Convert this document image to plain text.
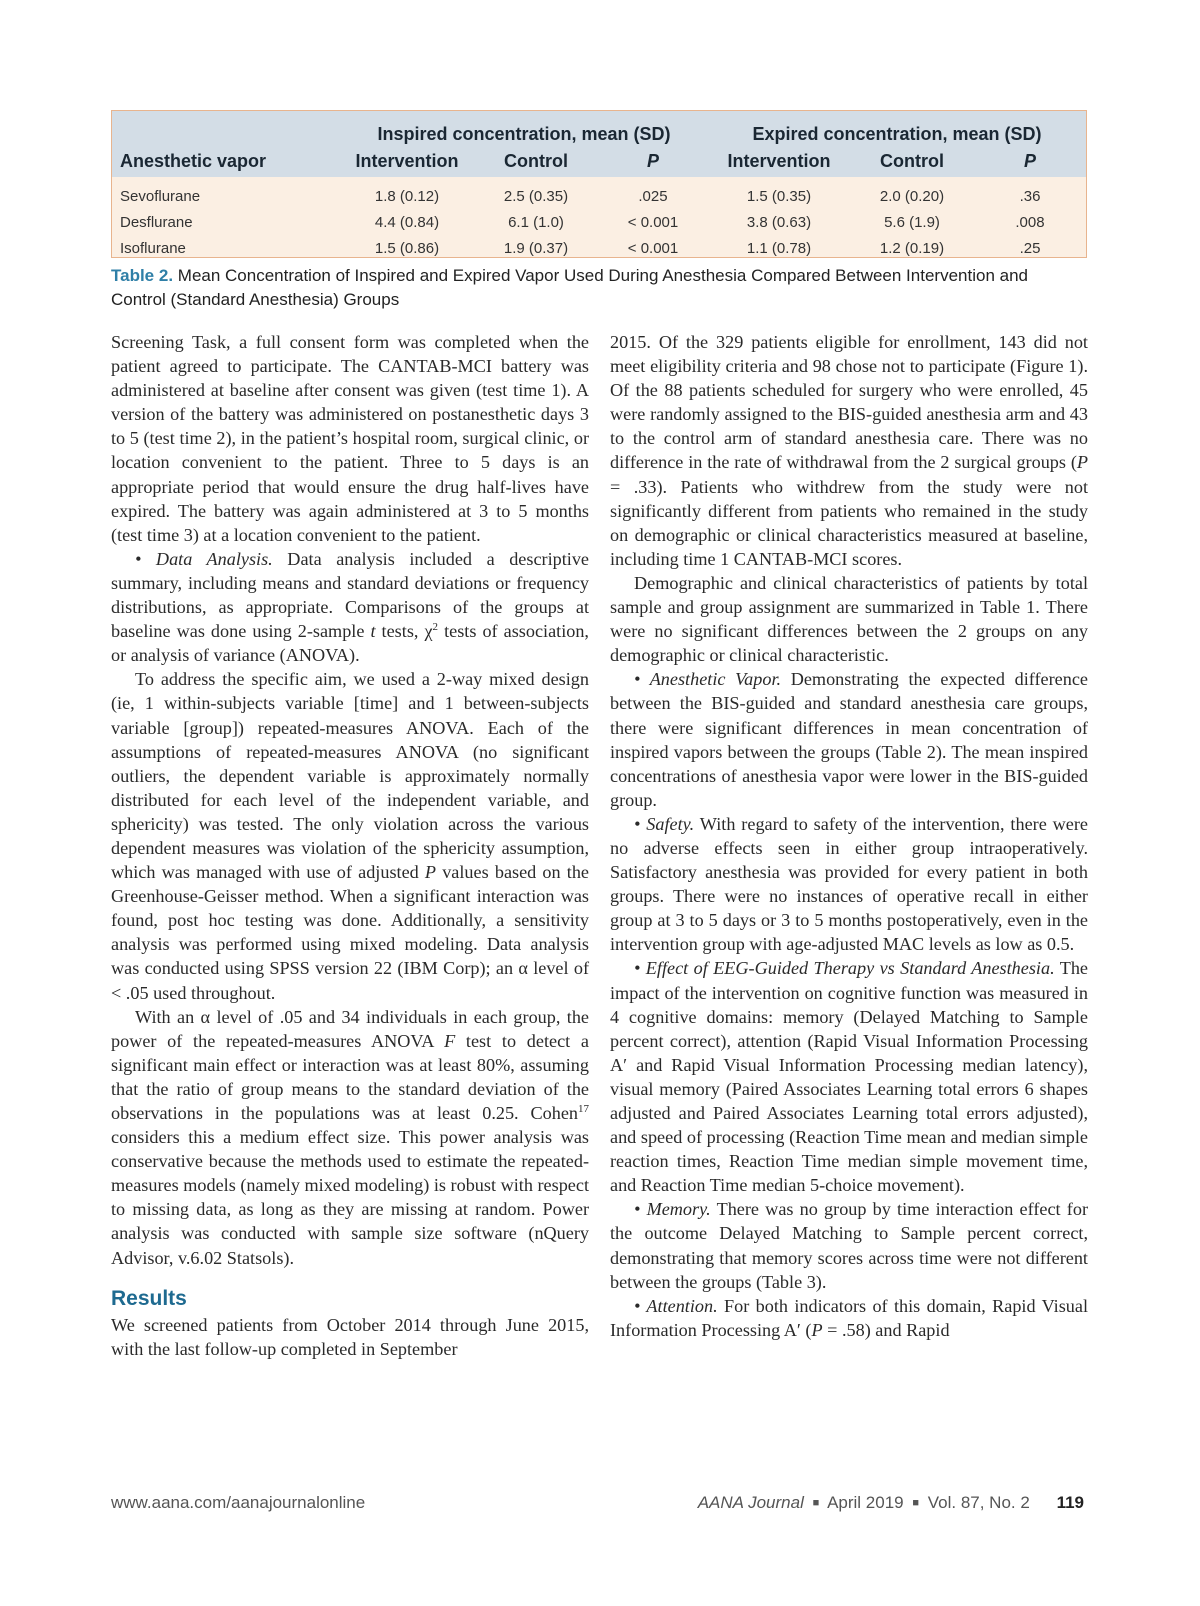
	Inspired concentration, mean (SD)			Expired concentration, mean (SD)		
Anesthetic vapor	Intervention	Control	P	Intervention	Control	P
Sevoflurane	1.8 (0.12)	2.5 (0.35)	.025	1.5 (0.35)	2.0 (0.20)	.36
Desflurane	4.4 (0.84)	6.1 (1.0)	< 0.001	3.8 (0.63)	5.6 (1.9)	.008
Isoflurane	1.5 (0.86)	1.9 (0.37)	< 0.001	1.1 (0.78)	1.2 (0.19)	.25
Table 2. Mean Concentration of Inspired and Expired Vapor Used During Anesthesia Compared Between Intervention and Control (Standard Anesthesia) Groups

Screening Task, a full consent form was completed when the patient agreed to participate. The CANTAB-MCI battery was administered at baseline after consent was given (test time 1). A version of the battery was administered on postanesthetic days 3 to 5 (test time 2), in the patient’s hospital room, surgical clinic, or location convenient to the patient. Three to 5 days is an appropriate period that would ensure the drug half-lives have expired. The battery was again administered at 3 to 5 months (test time 3) at a location convenient to the patient.

• Data Analysis. Data analysis included a descriptive summary, including means and standard deviations or frequency distributions, as appropriate. Comparisons of the groups at baseline was done using 2-sample t tests, $\chi^2$ tests of association, or analysis of variance (ANOVA).

To address the specific aim, we used a 2-way mixed design (ie, 1 within-subjects variable [time] and 1 between-subjects variable [group]) repeated-measures ANOVA. Each of the assumptions of repeated-measures ANOVA (no significant outliers, the dependent variable is approximately normally distributed for each level of the independent variable, and sphericity) was tested. The only violation across the various dependent measures was violation of the sphericity assumption, which was managed with use of adjusted P values based on the Greenhouse-Geisser method. When a significant interaction was found, post hoc testing was done. Additionally, a sensitivity analysis was performed using mixed modeling. Data analysis was conducted using SPSS version 22 (IBM Corp); an α level of < .05 used throughout.

With an α level of .05 and 34 individuals in each group, the power of the repeated-measures ANOVA F test to detect a significant main effect or interaction was at least 80%, assuming that the ratio of group means to the standard deviation of the observations in the populations was at least 0.25. Cohen$^{17}$ considers this a medium effect size. This power analysis was conservative because the methods used to estimate the repeated-measures models (namely mixed modeling) is robust with respect to missing data, as long as they are missing at random. Power analysis was conducted with sample size software (nQuery Advisor, v.6.02 Statsols).

Results

We screened patients from October 2014 through June 2015, with the last follow-up completed in September

2015. Of the 329 patients eligible for enrollment, 143 did not meet eligibility criteria and 98 chose not to participate (Figure 1). Of the 88 patients scheduled for surgery who were enrolled, 45 were randomly assigned to the BIS-guided anesthesia arm and 43 to the control arm of standard anesthesia care. There was no difference in the rate of withdrawal from the 2 surgical groups (P = .33). Patients who withdrew from the study were not significantly different from patients who remained in the study on demographic or clinical characteristics measured at baseline, including time 1 CANTAB-MCI scores.

Demographic and clinical characteristics of patients by total sample and group assignment are summarized in Table 1. There were no significant differences between the 2 groups on any demographic or clinical characteristic.

• Anesthetic Vapor. Demonstrating the expected difference between the BIS-guided and standard anesthesia care groups, there were significant differences in mean concentration of inspired vapors between the groups (Table 2). The mean inspired concentrations of anesthesia vapor were lower in the BIS-guided group.

• Safety. With regard to safety of the intervention, there were no adverse effects seen in either group intraoperatively. Satisfactory anesthesia was provided for every patient in both groups. There were no instances of operative recall in either group at 3 to 5 days or 3 to 5 months postoperatively, even in the intervention group with age-adjusted MAC levels as low as 0.5.

• Effect of EEG-Guided Therapy vs Standard Anesthesia. The impact of the intervention on cognitive function was measured in 4 cognitive domains: memory (Delayed Matching to Sample percent correct), attention (Rapid Visual Information Processing A′ and Rapid Visual Information Processing median latency), visual memory (Paired Associates Learning total errors 6 shapes adjusted and Paired Associates Learning total errors adjusted), and speed of processing (Reaction Time mean and median simple reaction times, Reaction Time median simple movement time, and Reaction Time median 5-choice movement).

• Memory. There was no group by time interaction effect for the outcome Delayed Matching to Sample percent correct, demonstrating that memory scores across time were not different between the groups (Table 3).

• Attention. For both indicators of this domain, Rapid Visual Information Processing A′ (P = .58) and Rapid

www.aana.com/aanajournalonline	AANA Journal ■ April 2019 ■ Vol. 87, No. 2 119
